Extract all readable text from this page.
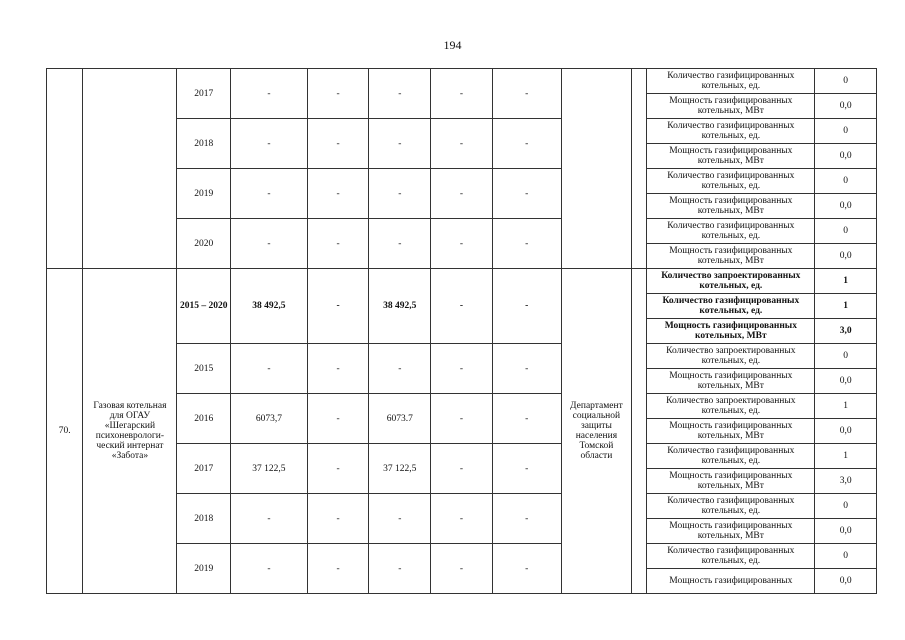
194
		2017	-	-	-	-	-			Количество газифицированных котельных, ед.	0
										Мощность газифицированных котельных, МВт	0,0
		2018	-	-	-	-	-			Количество газифицированных котельных, ед.	0
										Мощность газифицированных котельных, МВт	0,0
		2019	-	-	-	-	-			Количество газифицированных котельных, ед.	0
										Мощность газифицированных котельных, МВт	0,0
		2020	-	-	-	-	-			Количество газифицированных котельных, ед.	0
										Мощность газифицированных котельных, МВт	0,0
70.	Газовая котельная для ОГАУ «Шегарский психоневрологи-ческий интернат «Забота»	2015 – 2020	38 492,5	-	38 492,5	-	-	Департамент социальной защиты населения Томской области		Количество запроектированных котельных, ед.	1
										Количество газифицированных котельных, ед.	1
										Мощность газифицированных котельных, МВт	3,0
		2015	-	-	-	-	-			Количество запроектированных котельных, ед.	0
										Мощность газифицированных котельных, МВт	0,0
		2016	6073,7	-	6073.7	-	-			Количество запроектированных котельных, ед.	1
										Мощность газифицированных котельных, МВт	0,0
		2017	37 122,5	-	37 122,5	-	-			Количество газифицированных котельных, ед.	1
										Мощность газифицированных котельных, МВт	3,0
		2018	-	-	-	-	-			Количество газифицированных котельных, ед.	0
										Мощность газифицированных котельных, МВт	0,0
		2019	-	-	-	-	-			Количество газифицированных котельных, ед.	0
										Мощность газифицированных	0,0
